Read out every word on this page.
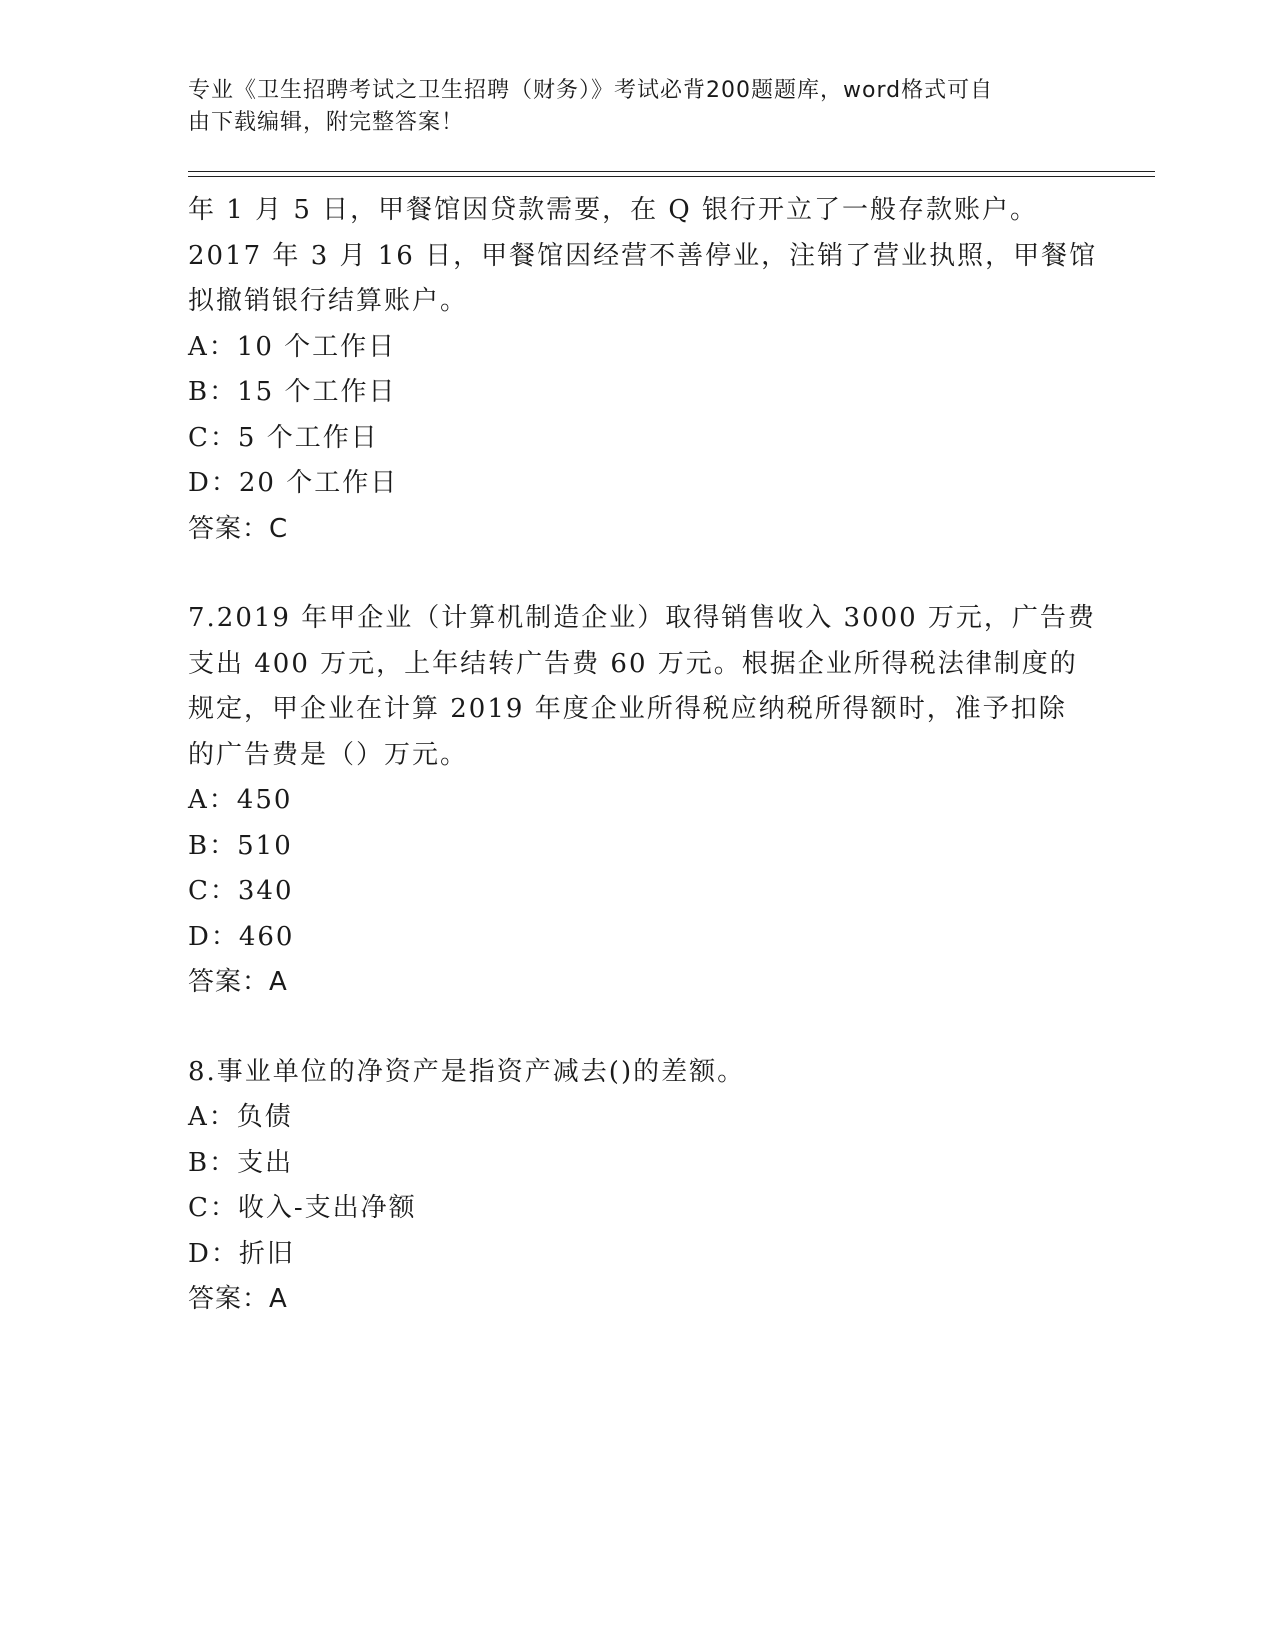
专业《卫生招聘考试之卫生招聘（财务）》考试必背200题题库，word格式可自
由下载编辑，附完整答案！
年 1 月 5 日，甲餐馆因贷款需要，在 Q 银行开立了一般存款账户。
2017 年 3 月 16 日，甲餐馆因经营不善停业，注销了营业执照，甲餐馆
拟撤销银行结算账户。
A：10 个工作日
B：15 个工作日
C：5 个工作日
D：20 个工作日
答案：C
7.2019 年甲企业（计算机制造企业）取得销售收入 3000 万元，广告费
支出 400 万元，上年结转广告费 60 万元。根据企业所得税法律制度的
规定，甲企业在计算 2019 年度企业所得税应纳税所得额时，准予扣除
的广告费是（）万元。
A：450
B：510
C：340
D：460
答案：A
8.事业单位的净资产是指资产减去()的差额。
A：负债
B：支出
C：收入-支出净额
D：折旧
答案：A
